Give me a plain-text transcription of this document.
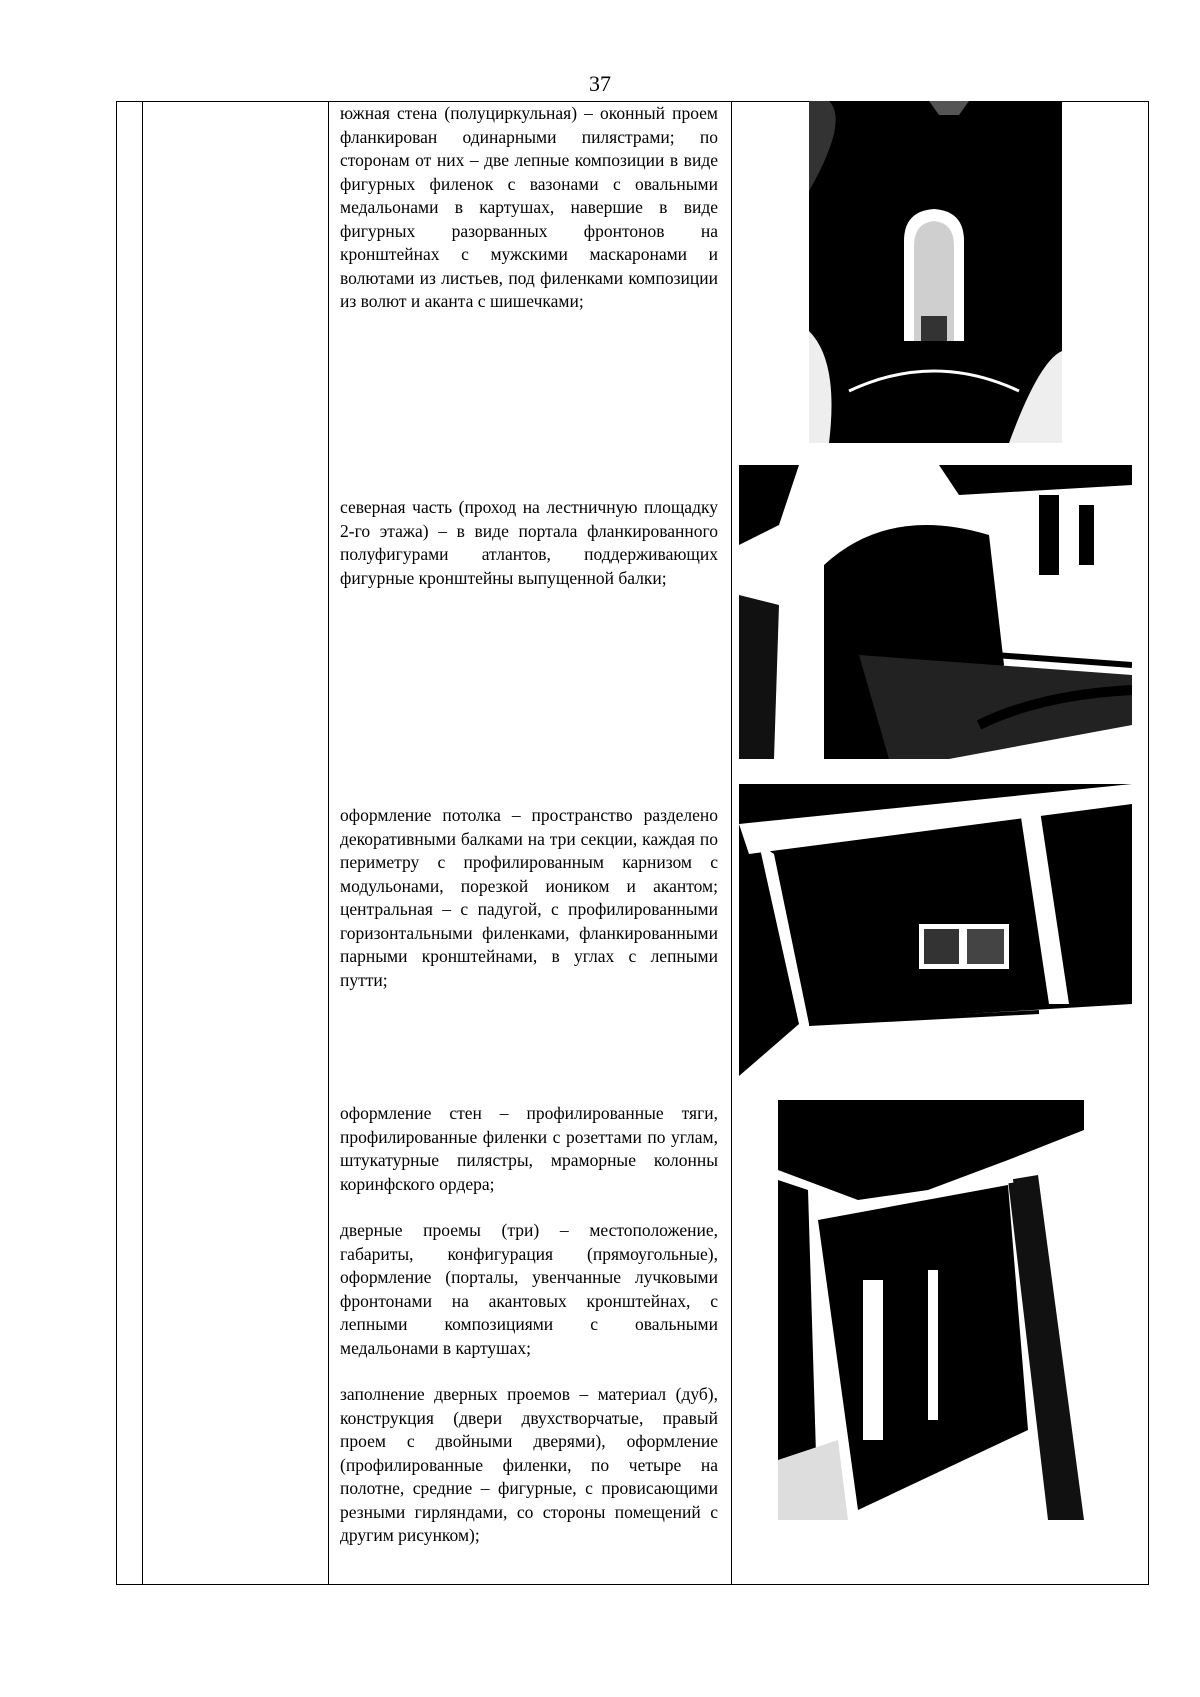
37
южная стена (полуциркульная) – оконный проем фланкирован одинарными пилястрами; по сторонам от них – две лепные композиции в виде фигурных филенок с вазонами с овальными медальонами в картушах, навершие в виде фигурных разорванных фронтонов на кронштейнах с мужскими маскаронами и волютами из листьев, под филенками композиции из волют и аканта с шишечками;
северная часть (проход на лестничную площадку 2-го этажа) – в виде портала фланкированного полуфигурами атлантов, поддерживающих фигурные кронштейны выпущенной балки;
оформление потолка – пространство разделено декоративными балками на три секции, каждая по периметру с профилированным карнизом с модульонами, порезкой иоником и акантом; центральная – с падугой, с профилированными горизонтальными филенками, фланкированными парными кронштейнами, в углах с лепными путти;
оформление стен – профилированные тяги, профилированные филенки с розеттами по углам, штукатурные пилястры, мраморные колонны коринфского ордера;
дверные проемы (три) – местоположение, габариты, конфигурация (прямоугольные), оформление (порталы, увенчанные лучковыми фронтонами на акантовых кронштейнах, с лепными композициями с овальными медальонами в картушах;
заполнение дверных проемов – материал (дуб), конструкция (двери двухстворчатые, правый проем с двойными дверями), оформление (профилированные филенки, по четыре на полотне, средние – фигурные, с провисающими резными гирляндами, со стороны помещений с другим рисунком);
